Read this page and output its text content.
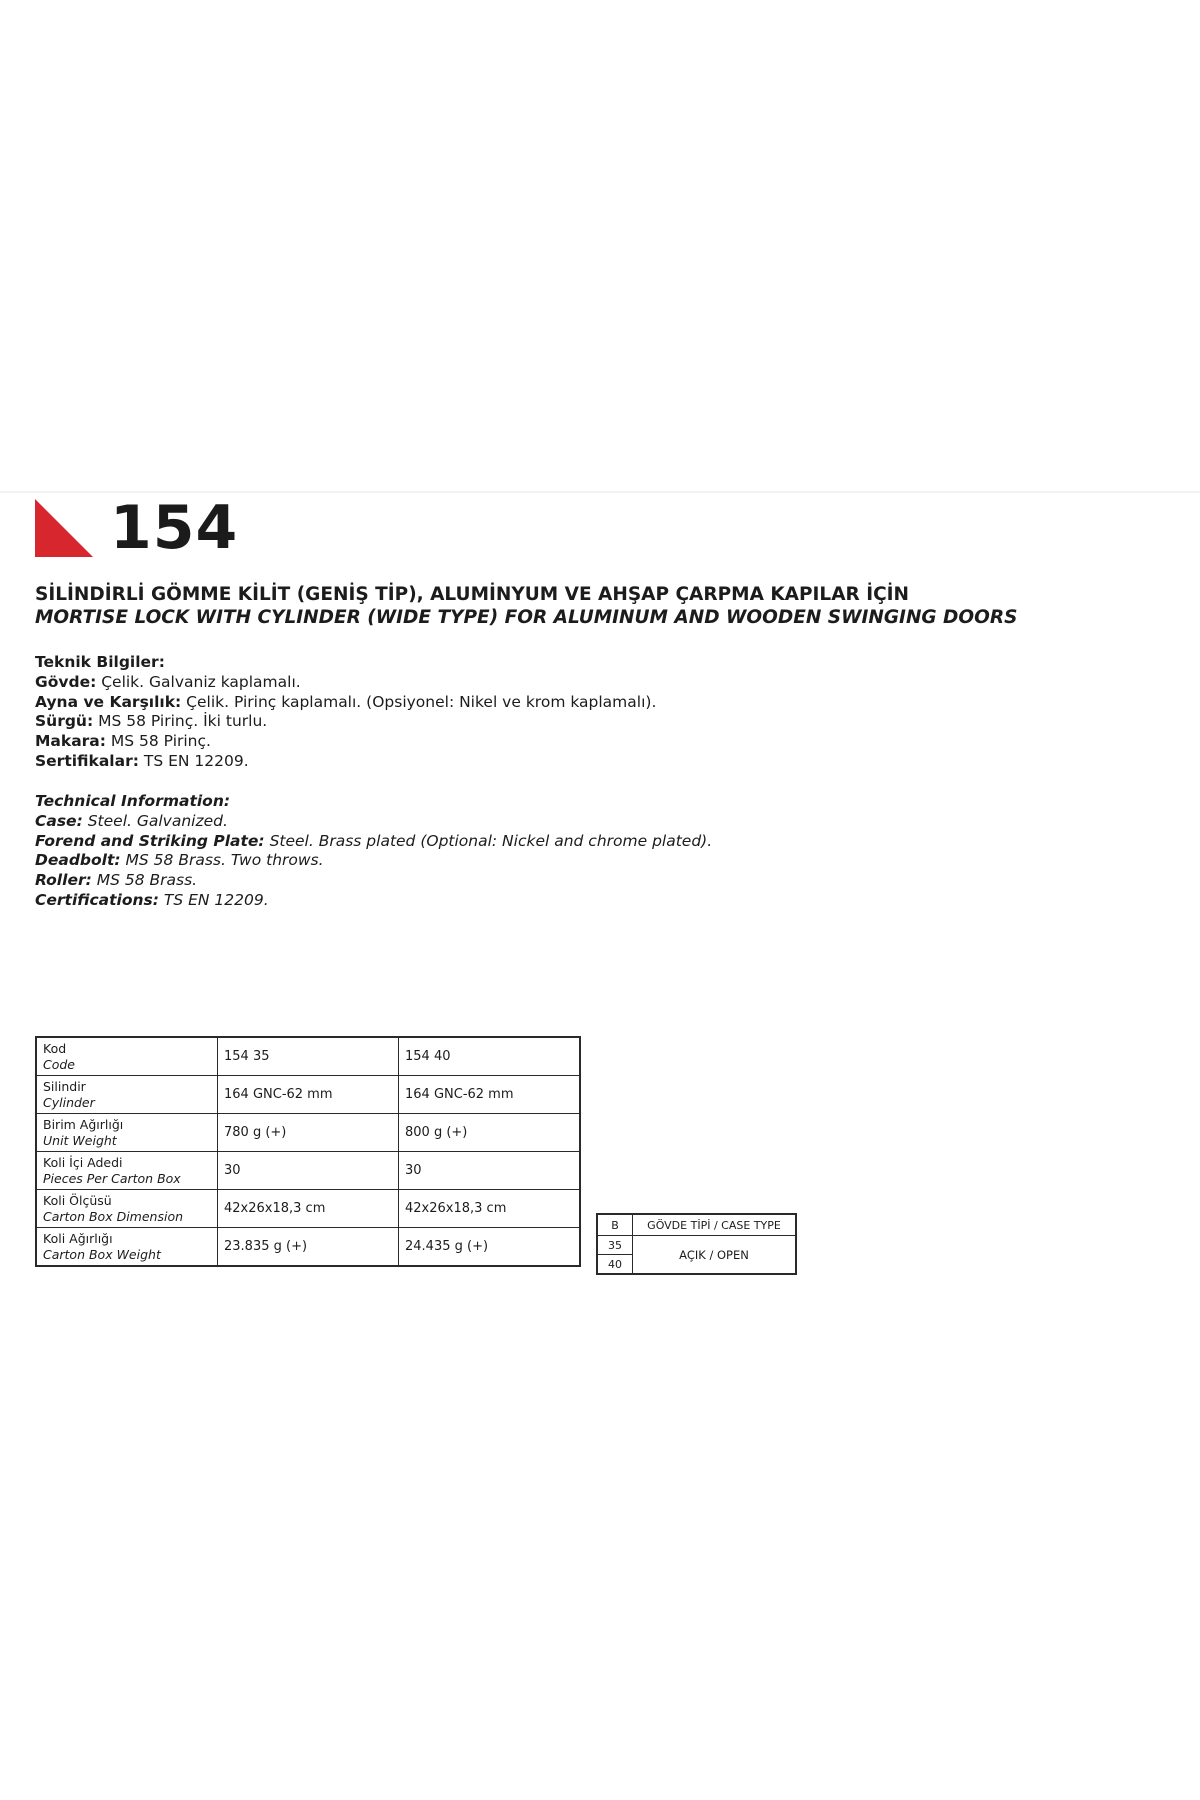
154
SİLİNDİRLİ GÖMME KİLİT (GENİŞ TİP), ALUMİNYUM VE AHŞAP ÇARPMA KAPILAR İÇİN
MORTISE LOCK WITH CYLINDER (WIDE TYPE) FOR ALUMINUM AND WOODEN SWINGING DOORS
Teknik Bilgiler:
Gövde: Çelik. Galvaniz kaplamalı.
Ayna ve Karşılık: Çelik. Pirinç kaplamalı. (Opsiyonel: Nikel ve krom kaplamalı).
Sürgü: MS 58 Pirinç. İki turlu.
Makara: MS 58 Pirinç.
Sertifikalar: TS EN 12209.
Technical Information:
Case: Steel. Galvanized.
Forend and Striking Plate: Steel. Brass plated (Optional: Nickel and chrome plated).
Deadbolt: MS 58 Brass. Two throws.
Roller: MS 58 Brass.
Certifications: TS EN 12209.
Kod
Code	154 35	154 40

Silindir
Cylinder	164 GNC-62 mm	164 GNC-62 mm

Birim Ağırlığı
Unit Weight	780 g (+)	800 g (+)

Koli İçi Adedi
Pieces Per Carton Box	30	30

Koli Ölçüsü
Carton Box Dimension	42x26x18,3 cm	42x26x18,3 cm

Koli Ağırlığı
Carton Box Weight	23.835 g (+)	24.435 g (+)
B	GÖVDE TİPİ / CASE TYPE
35	AÇIK / OPEN
40	
